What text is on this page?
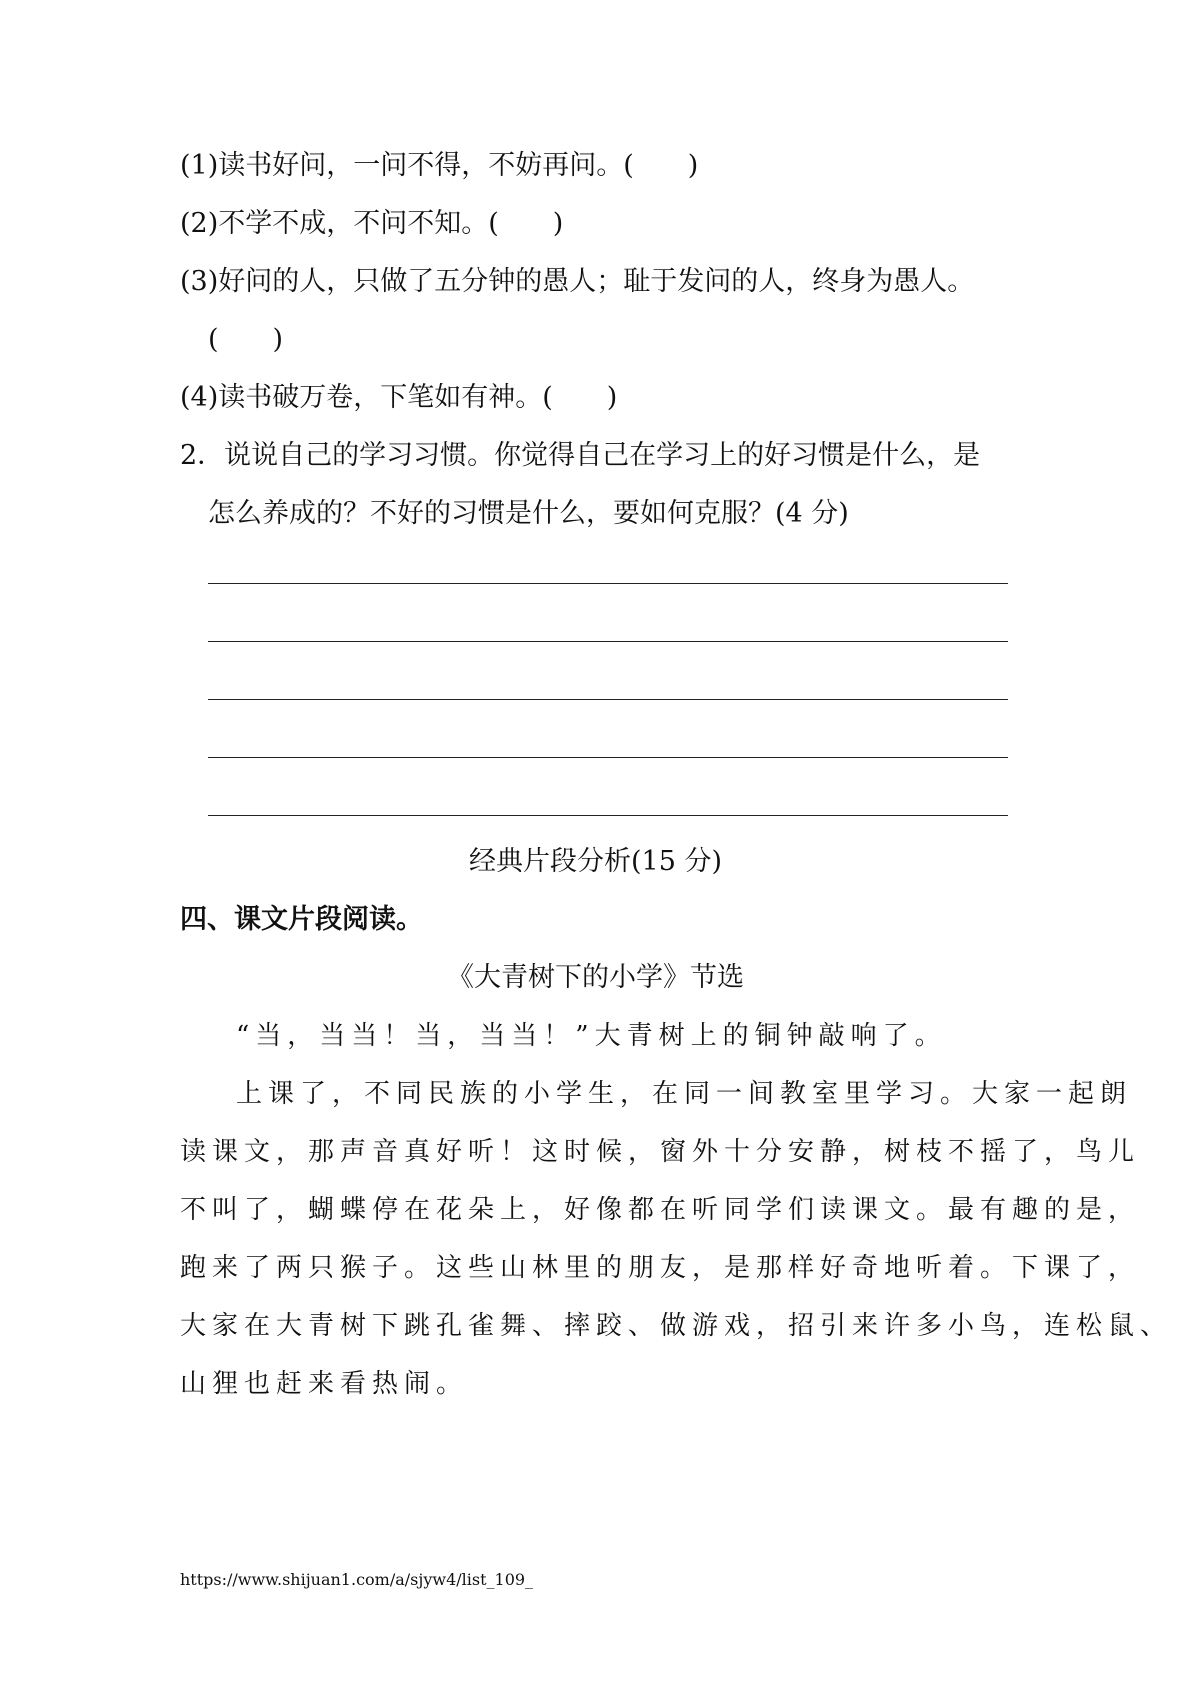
(1)读书好问，一问不得，不妨再问。(　　)
(2)不学不成，不问不知。(　　)
(3)好问的人，只做了五分钟的愚人；耻于发问的人，终身为愚人。
(　　)
(4)读书破万卷，下笔如有神。(　　)
2．说说自己的学习习惯。你觉得自己在学习上的好习惯是什么，是
怎么养成的？不好的习惯是什么，要如何克服？(4 分)
经典片段分析(15 分)
四、课文片段阅读。
《大青树下的小学》节选
“当，当当！当，当当！”大青树上的铜钟敲响了。
上课了，不同民族的小学生，在同一间教室里学习。大家一起朗
读课文，那声音真好听！这时候，窗外十分安静，树枝不摇了，鸟儿
不叫了，蝴蝶停在花朵上，好像都在听同学们读课文。最有趣的是，
跑来了两只猴子。这些山林里的朋友，是那样好奇地听着。下课了，
大家在大青树下跳孔雀舞、摔跤、做游戏，招引来许多小鸟，连松鼠、
山狸也赶来看热闹。
https://www.shijuan1.com/a/sjyw4/list_109_
